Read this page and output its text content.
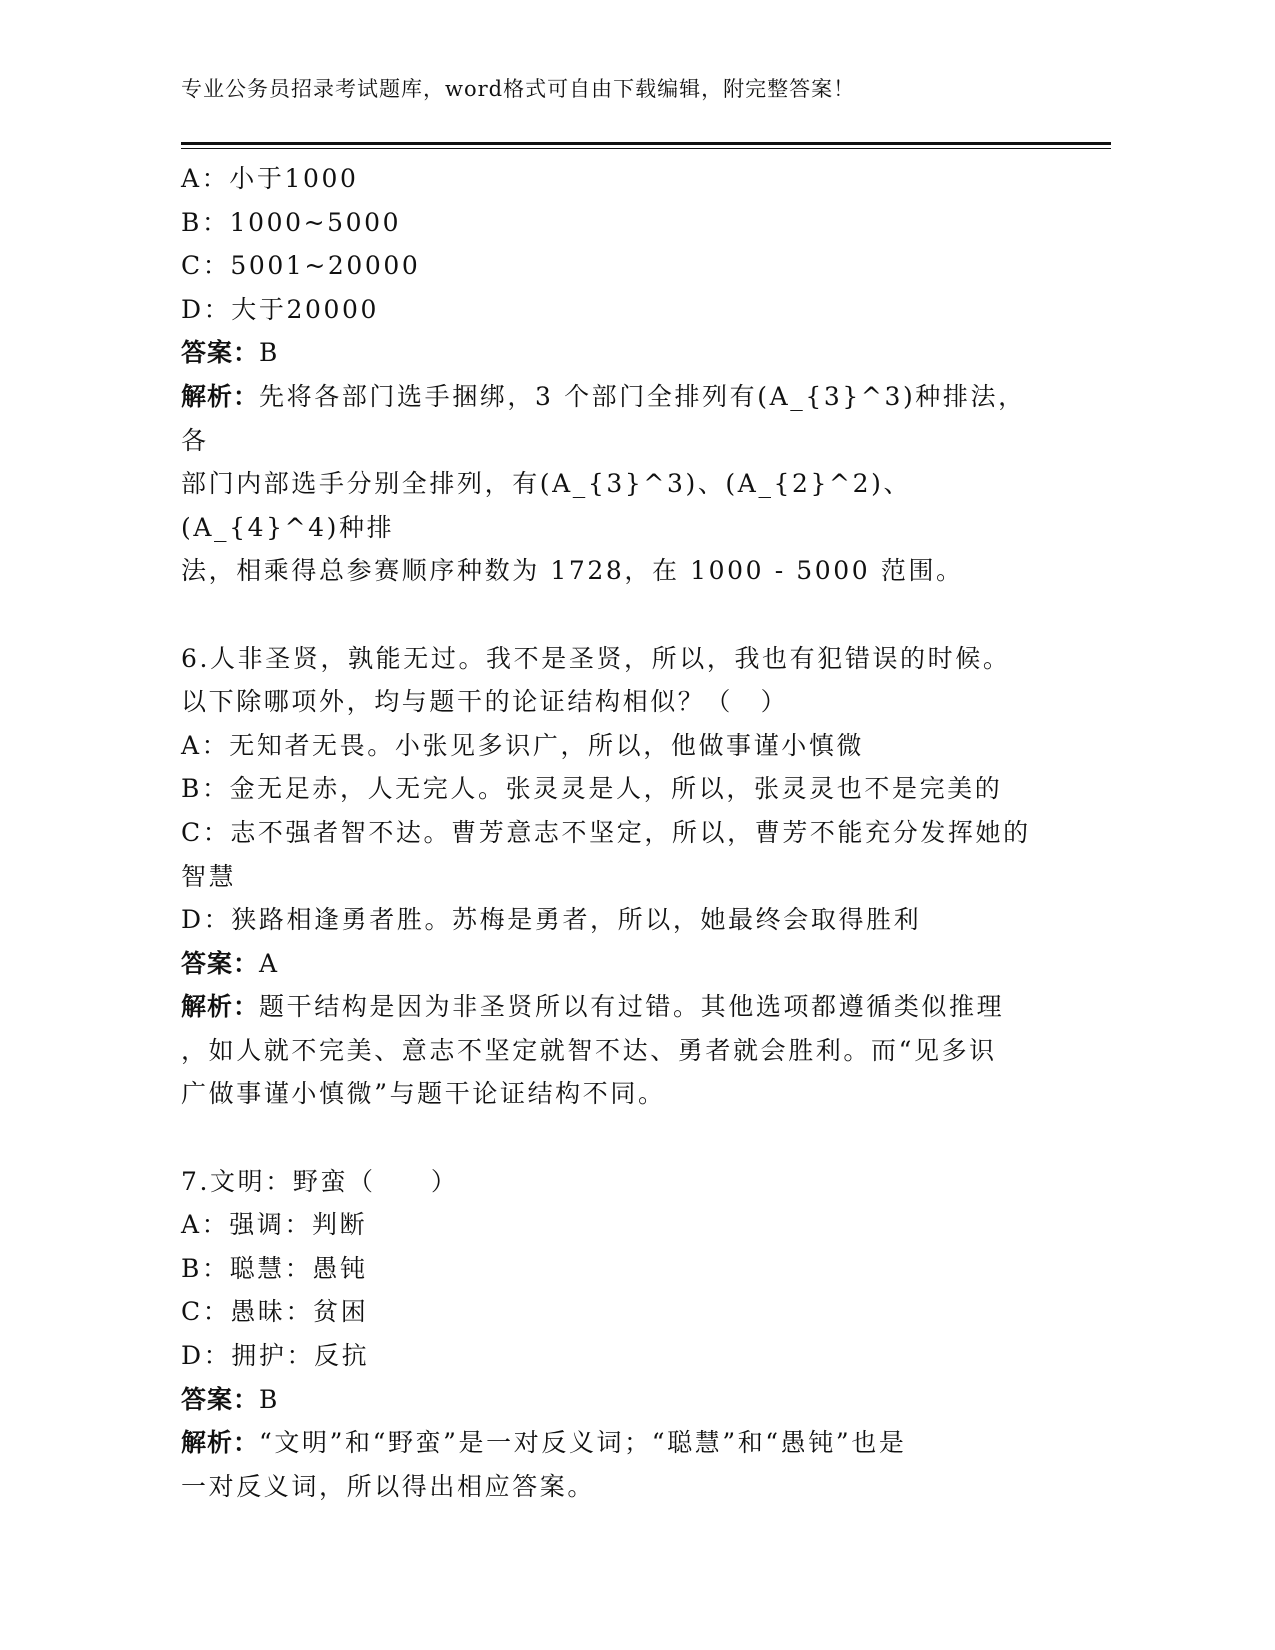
专业公务员招录考试题库，word格式可自由下载编辑，附完整答案！

A：小于1000

B：1000~5000

C：5001~20000

D：大于20000

答案：B

解析：先将各部门选手捆绑，3 个部门全排列有(A_{3}^3)种排法，各

部门内部选手分别全排列，有(A_{3}^3)、(A_{2}^2)、(A_{4}^4)种排

法，相乘得总参赛顺序种数为 1728，在 1000 - 5000 范围。

6.人非圣贤，孰能无过。我不是圣贤，所以，我也有犯错误的时候。

以下除哪项外，均与题干的论证结构相似？（　）

A：无知者无畏。小张见多识广，所以，他做事谨小慎微

B：金无足赤，人无完人。张灵灵是人，所以，张灵灵也不是完美的

C：志不强者智不达。曹芳意志不坚定，所以，曹芳不能充分发挥她的

智慧

D：狭路相逢勇者胜。苏梅是勇者，所以，她最终会取得胜利

答案：A

解析：题干结构是因为非圣贤所以有过错。其他选项都遵循类似推理

，如人就不完美、意志不坚定就智不达、勇者就会胜利。而“见多识

广做事谨小慎微”与题干论证结构不同。

7.文明：野蛮（　　）

A：强调：判断

B：聪慧：愚钝

C：愚昧：贫困

D：拥护：反抗

答案：B

解析：“文明”和“野蛮”是一对反义词；“聪慧”和“愚钝”也是

一对反义词，所以得出相应答案。
